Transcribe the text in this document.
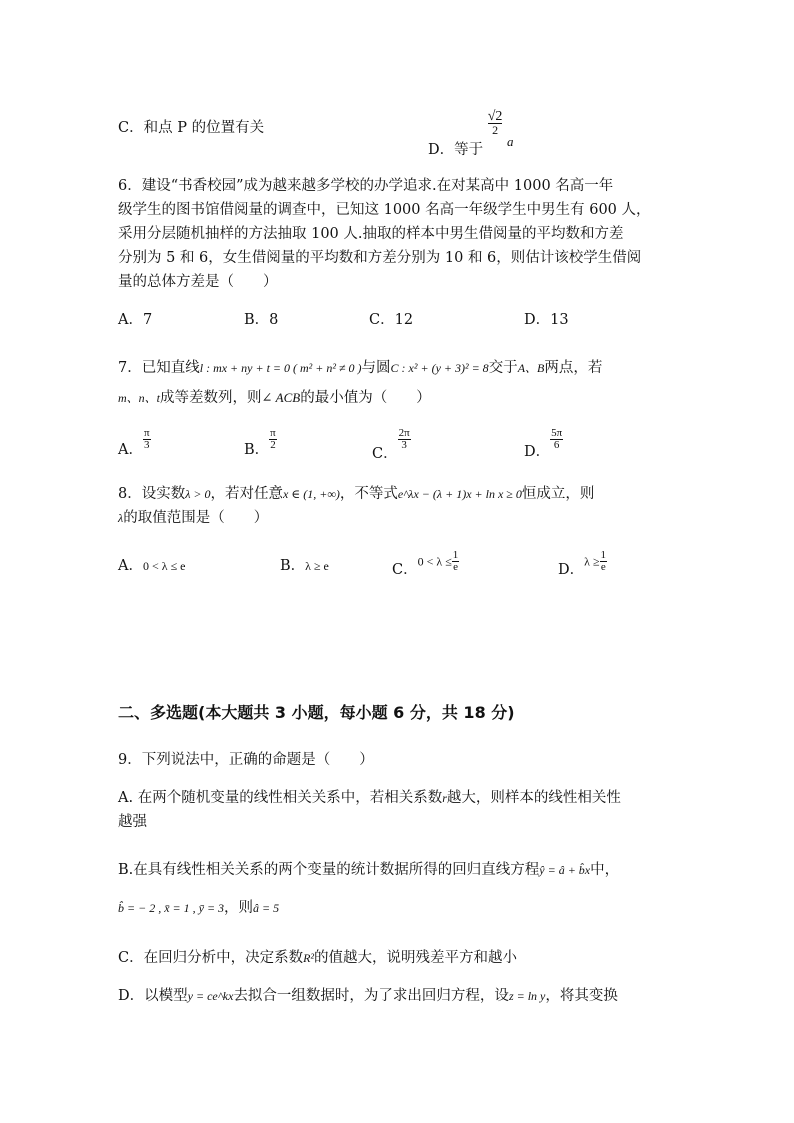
C．和点 P 的位置有关
D．等于
$\frac{√2}{2}$
a
6．建设“书香校园”成为越来越多学校的办学追求.在对某高中 1000 名高一年
级学生的图书馆借阅量的调查中，已知这 1000 名高一年级学生中男生有 600 人，
采用分层随机抽样的方法抽取 100 人.抽取的样本中男生借阅量的平均数和方差
分别为 5 和 6，女生借阅量的平均数和方差分别为 10 和 6，则估计该校学生借阅
量的总体方差是（　　）
A．7	B．8	C．12	D．13
7．已知直线l : mx + ny + t = 0 ( m² + n² ≠ 0 )与圆C : x² + (y + 3)² = 8交于A、B两点，若
m、n、t成等差数列，则∠ ACB的最小值为（　　）
A． $\frac{\pi}{3}$	B． $\frac{\pi}{2}$
C．
$\frac{2\pi}{3}$
D．
$\frac{5\pi}{6}$
8．设实数λ > 0，若对任意x ∈ (1, +∞)，不等式e^λx − (λ + 1)x + ln x ≥ 0恒成立，则
λ的取值范围是（　　）
A．0 < λ ≤ e	B．λ ≥ e	C．$0 < \lambda \le \frac{1}{e}$	D．$\lambda \ge \frac{1}{e}$
二、多选题(本大题共 3 小题，每小题 6 分，共 18 分)
9．下列说法中，正确的命题是（　　）
A. 在两个随机变量的线性相关关系中，若相关系数r越大，则样本的线性相关性
越强
B.在具有线性相关关系的两个变量的统计数据所得的回归直线方程ŷ = â + b̂x中，
b̂ = − 2 , x̄ = 1 , ȳ = 3，则â = 5
C．在回归分析中，决定系数R²的值越大，说明残差平方和越小
D．以模型y = ce^kx去拟合一组数据时，为了求出回归方程，设z = ln y，将其变换
